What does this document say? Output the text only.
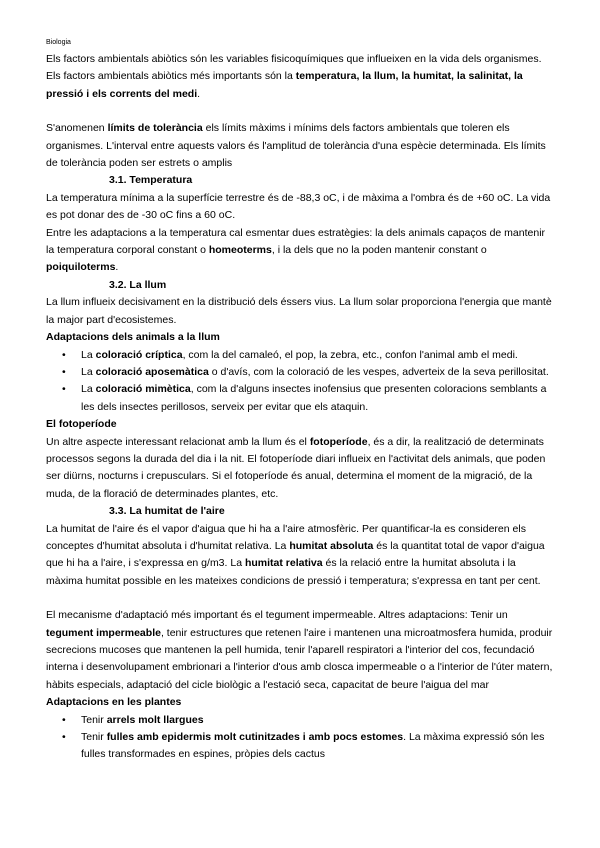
Biologia

Els factors ambientals abiòtics són les variables fisicoquímiques que influeixen en la vida dels organismes. Els factors ambientals abiòtics més importants són la temperatura, la llum, la humitat, la salinitat, la pressió i els corrents del medi.

S'anomenen límits de tolerància els límits màxims i mínims dels factors ambientals que toleren els organismes. L'interval entre aquests valors és l'amplitud de tolerància d'una espècie determinada. Els límits de tolerància poden ser estrets o amplis

3.1. Temperatura

La temperatura mínima a la superfície terrestre és de -88,3 oC, i de màxima a l'ombra és de +60 oC. La vida es pot donar des de -30 oC fins a 60 oC.

Entre les adaptacions a la temperatura cal esmentar dues estratègies: la dels animals capaços de mantenir la temperatura corporal constant o homeoterms, i la dels que no la poden mantenir constant o poiquiloterms.

3.2. La llum

La llum influeix decisivament en la distribució dels éssers vius. La llum solar proporciona l'energia que mantè la major part d'ecosistemes.

Adaptacions dels animals a la llum
• La coloració críptica, com la del camaleó, el pop, la zebra, etc., confon l'animal amb el medi.
• La coloració aposemàtica o d'avís, com la coloració de les vespes, adverteix de la seva perillositat.
• La coloració mimètica, com la d'alguns insectes inofensius que presenten coloracions semblants a les dels insectes perillosos, serveix per evitar que els ataquin.
El fotoperíode

Un altre aspecte interessant relacionat amb la llum és el fotoperíode, és a dir, la realització de determinats processos segons la durada del dia i la nit. El fotoperíode diari influeix en l'activitat dels animals, que poden ser diürns, nocturns i crepusculars. Si el fotoperíode és anual, determina el moment de la migració, de la muda, de la floració de determinades plantes, etc.

3.3. La humitat de l'aire

La humitat de l'aire és el vapor d'aigua que hi ha a l'aire atmosfèric. Per quantificar-la es consideren els conceptes d'humitat absoluta i d'humitat relativa. La humitat absoluta és la quantitat total de vapor d'aigua que hi ha a l'aire, i s'expressa en g/m3. La humitat relativa és la relació entre la humitat absoluta i la màxima humitat possible en les mateixes condicions de pressió i temperatura; s'expressa en tant per cent.

El mecanisme d'adaptació més important és el tegument impermeable. Altres adaptacions: Tenir un tegument impermeable, tenir estructures que retenen l'aire i mantenen una microatmosfera humida, produir secrecions mucoses que mantenen la pell humida, tenir l'aparell respiratori a l'interior del cos, fecundació interna i desenvolupament embrionari a l'interior d'ous amb closca impermeable o a l'interior de l'úter matern, hàbits especials, adaptació del cicle biològic a l'estació seca, capacitat de beure l'aigua del mar

Adaptacions en les plantes
• Tenir arrels molt llargues
• Tenir fulles amb epidermis molt cutinitzades i amb pocs estomes. La màxima expressió són les fulles transformades en espines, pròpies dels cactus
